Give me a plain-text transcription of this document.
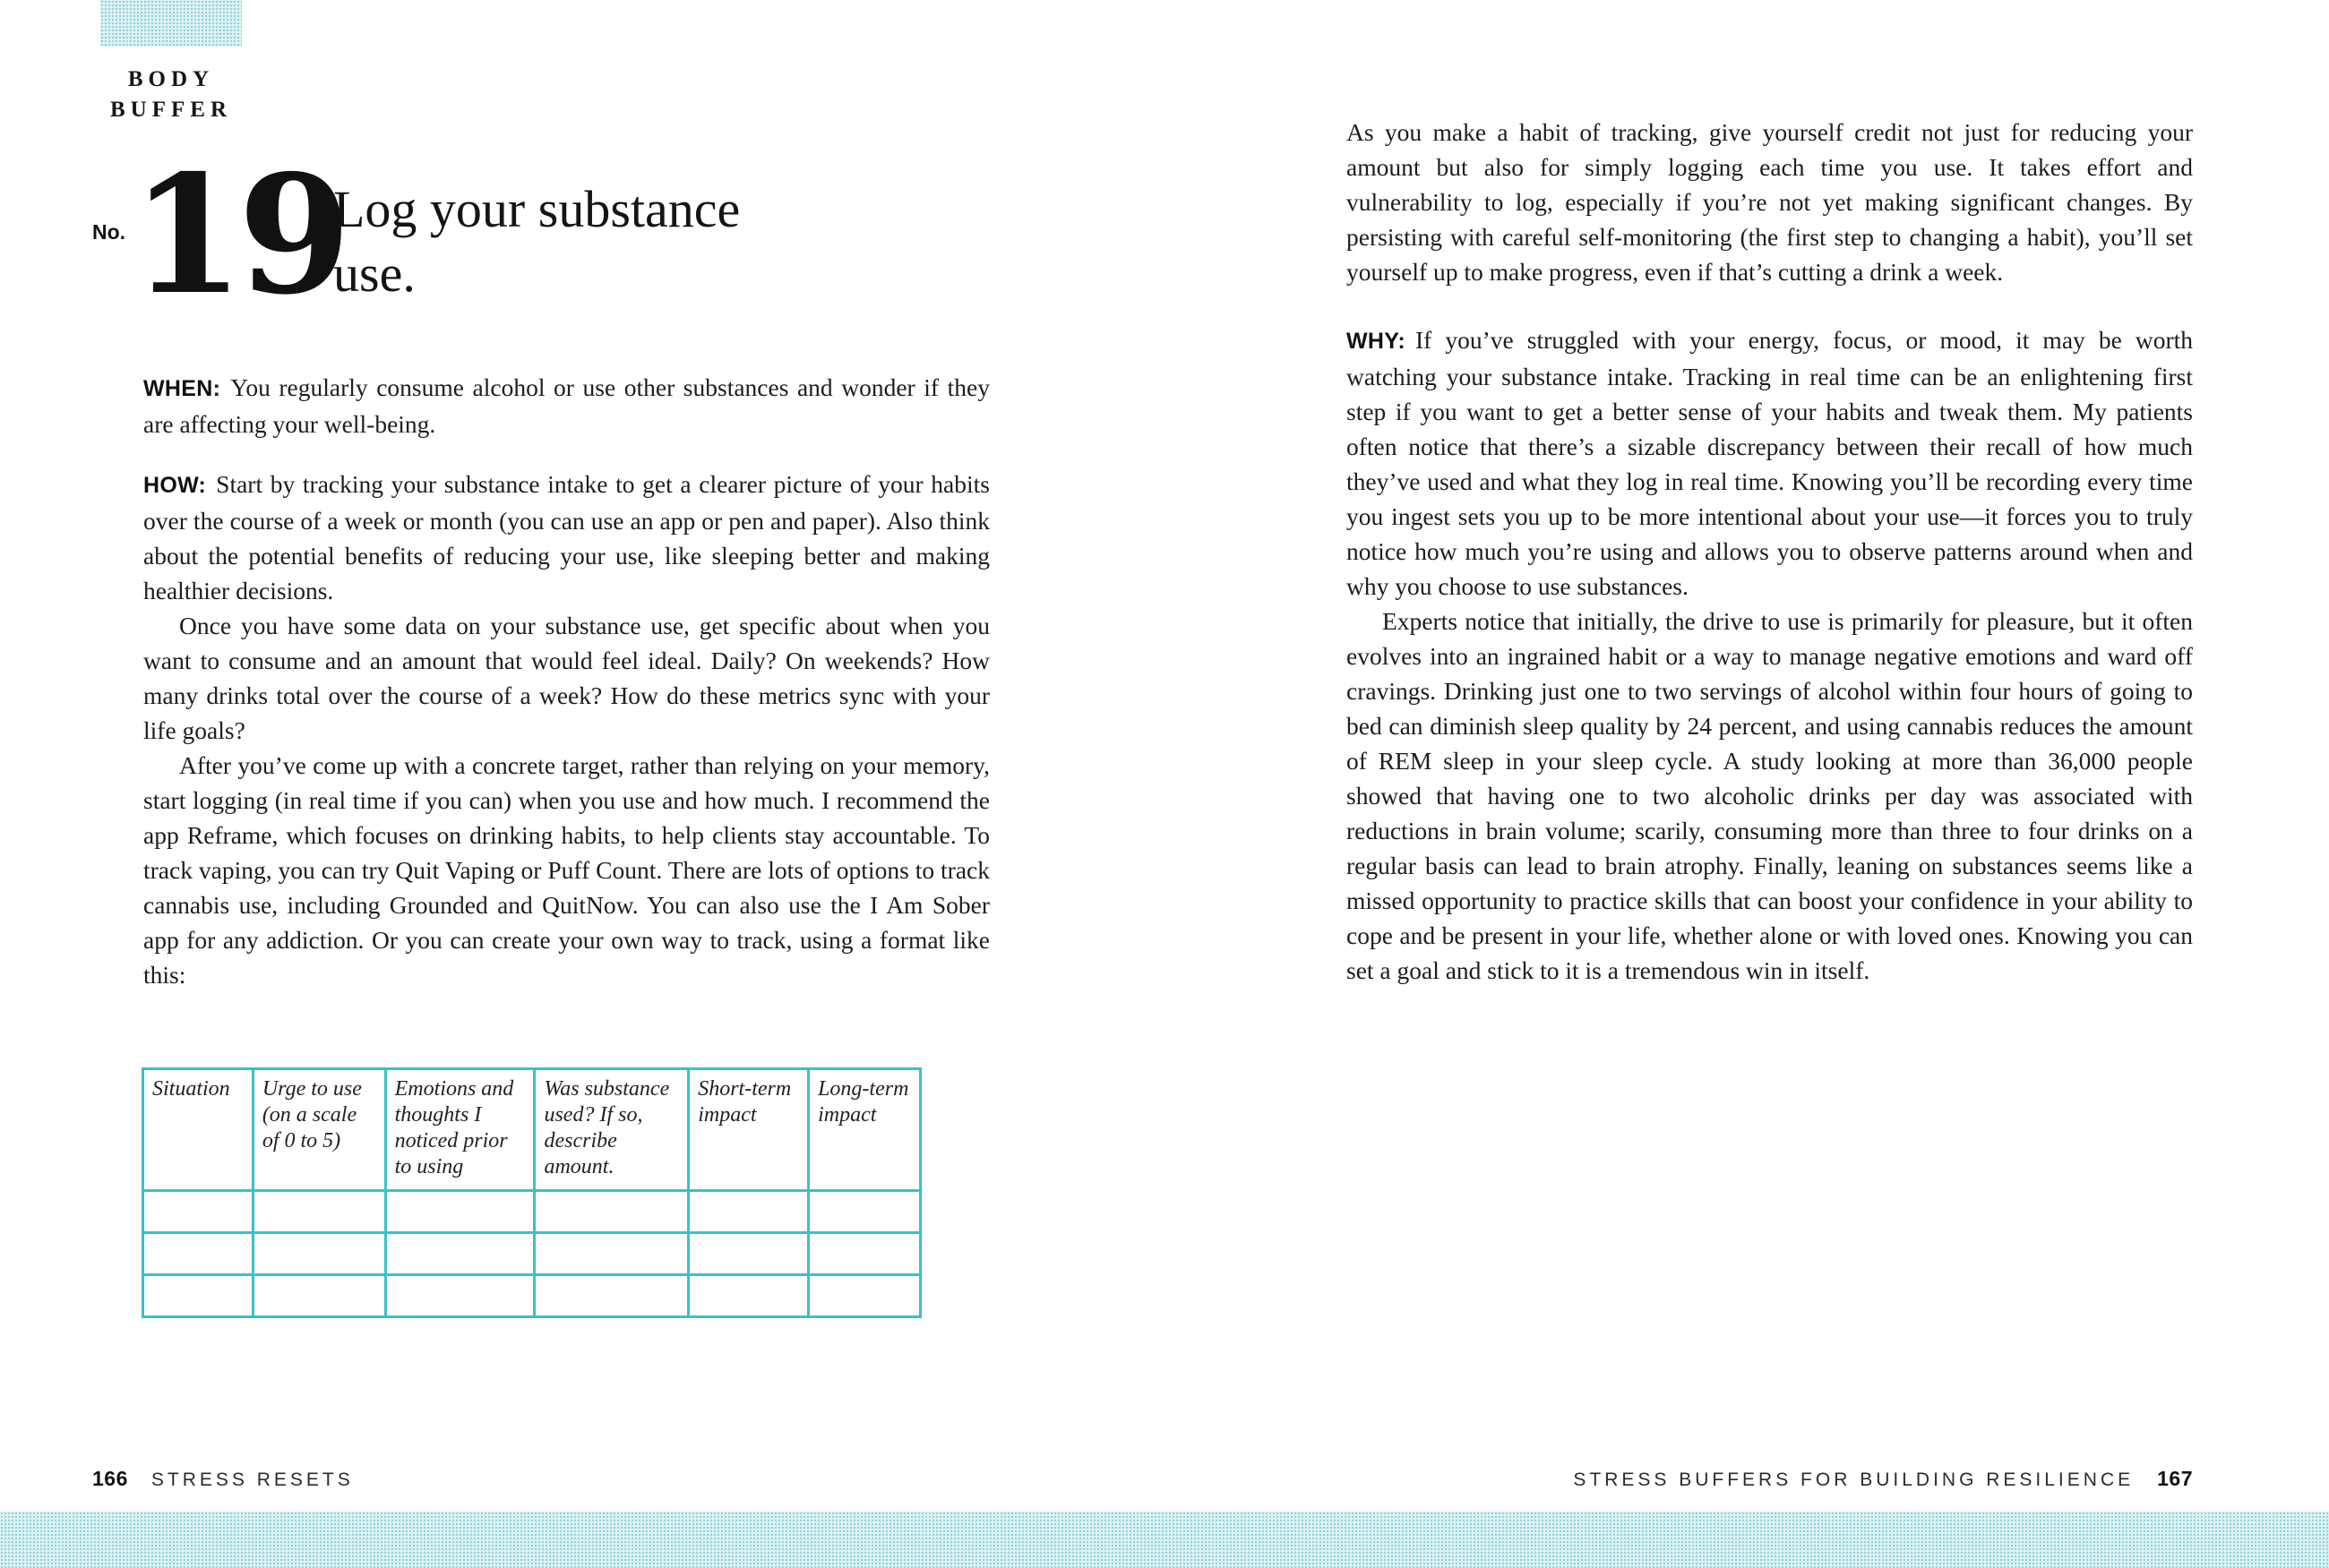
BODY BUFFER
No. 19
Log your substance use.

WHEN: You regularly consume alcohol or use other substances and wonder if they are affecting your well-being.

HOW: Start by tracking your substance intake to get a clearer picture of your habits over the course of a week or month (you can use an app or pen and paper). Also think about the potential benefits of reducing your use, like sleeping better and making healthier decisions.

Once you have some data on your substance use, get specific about when you want to consume and an amount that would feel ideal. Daily? On weekends? How many drinks total over the course of a week? How do these metrics sync with your life goals?

After you’ve come up with a concrete target, rather than relying on your memory, start logging (in real time if you can) when you use and how much. I recommend the app Reframe, which focuses on drinking habits, to help clients stay accountable. To track vaping, you can try Quit Vaping or Puff Count. There are lots of options to track cannabis use, including Grounded and QuitNow. You can also use the I Am Sober app for any addiction. Or you can create your own way to track, using a format like this:

Situation	Urge to use (on a scale of 0 to 5)	Emotions and thoughts I noticed prior to using	Was substance used? If so, describe amount.	Short-term impact	Long-term impact

As you make a habit of tracking, give yourself credit not just for reducing your amount but also for simply logging each time you use. It takes effort and vulnerability to log, especially if you’re not yet making significant changes. By persisting with careful self-monitoring (the first step to changing a habit), you’ll set yourself up to make progress, even if that’s cutting a drink a week.

WHY: If you’ve struggled with your energy, focus, or mood, it may be worth watching your substance intake. Tracking in real time can be an enlightening first step if you want to get a better sense of your habits and tweak them. My patients often notice that there’s a sizable discrepancy between their recall of how much they’ve used and what they log in real time. Knowing you’ll be recording every time you ingest sets you up to be more intentional about your use—it forces you to truly notice how much you’re using and allows you to observe patterns around when and why you choose to use substances.

Experts notice that initially, the drive to use is primarily for pleasure, but it often evolves into an ingrained habit or a way to manage negative emotions and ward off cravings. Drinking just one to two servings of alcohol within four hours of going to bed can diminish sleep quality by 24 percent, and using cannabis reduces the amount of REM sleep in your sleep cycle. A study looking at more than 36,000 people showed that having one to two alcoholic drinks per day was associated with reductions in brain volume; scarily, consuming more than three to four drinks on a regular basis can lead to brain atrophy. Finally, leaning on substances seems like a missed opportunity to practice skills that can boost your confidence in your ability to cope and be present in your life, whether alone or with loved ones. Knowing you can set a goal and stick to it is a tremendous win in itself.

166 STRESS RESETS	STRESS BUFFERS FOR BUILDING RESILIENCE 167
